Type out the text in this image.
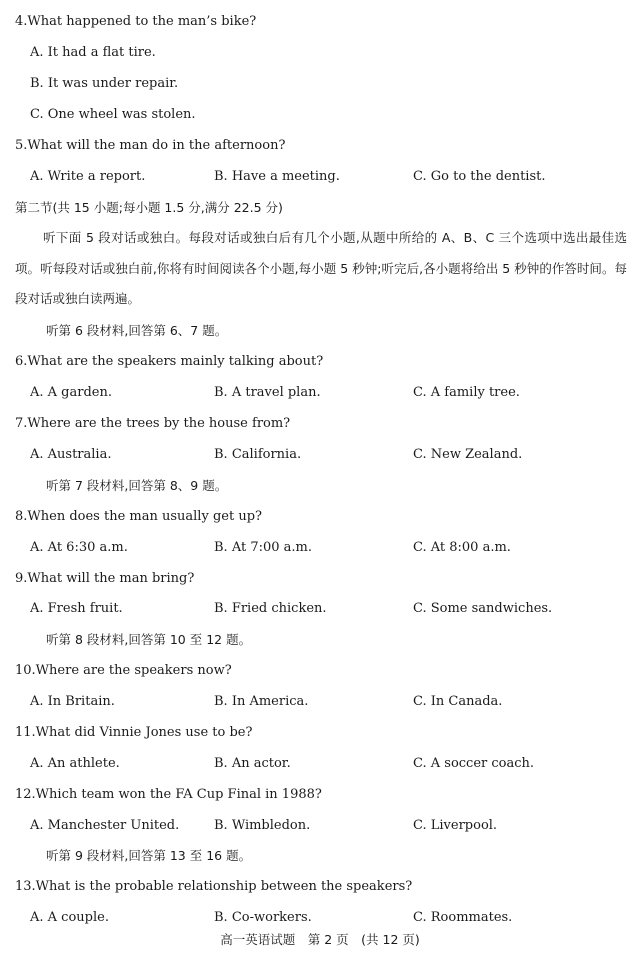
4.What happened to the man’s bike?
A. It had a flat tire.
B. It was under repair.
C. One wheel was stolen.
5.What will the man do in the afternoon?
A. Write a report.	B. Have a meeting.	C. Go to the dentist.
第二节(共 15 小题;每小题 1.5 分,满分 22.5 分)
听下面 5 段对话或独白。每段对话或独白后有几个小题,从题中所给的 A、B、C 三个选项中选出最佳选项。听每段对话或独白前,你将有时间阅读各个小题,每小题 5 秒钟;听完后,各小题将给出 5 秒钟的作答时间。每段对话或独白读两遍。
听第 6 段材料,回答第 6、7 题。
6.What are the speakers mainly talking about?
A. A garden.	B. A travel plan.	C. A family tree.
7.Where are the trees by the house from?
A. Australia.	B. California.	C. New Zealand.
听第 7 段材料,回答第 8、9 题。
8.When does the man usually get up?
A. At 6:30 a.m.	B. At 7:00 a.m.	C. At 8:00 a.m.
9.What will the man bring?
A. Fresh fruit.	B. Fried chicken.	C. Some sandwiches.
听第 8 段材料,回答第 10 至 12 题。
10.Where are the speakers now?
A. In Britain.	B. In America.	C. In Canada.
11.What did Vinnie Jones use to be?
A. An athlete.	B. An actor.	C. A soccer coach.
12.Which team won the FA Cup Final in 1988?
A. Manchester United.	B. Wimbledon.	C. Liverpool.
听第 9 段材料,回答第 13 至 16 题。
13.What is the probable relationship between the speakers?
A. A couple.	B. Co-workers.	C. Roommates.
高一英语试题　第 2 页　(共 12 页)
